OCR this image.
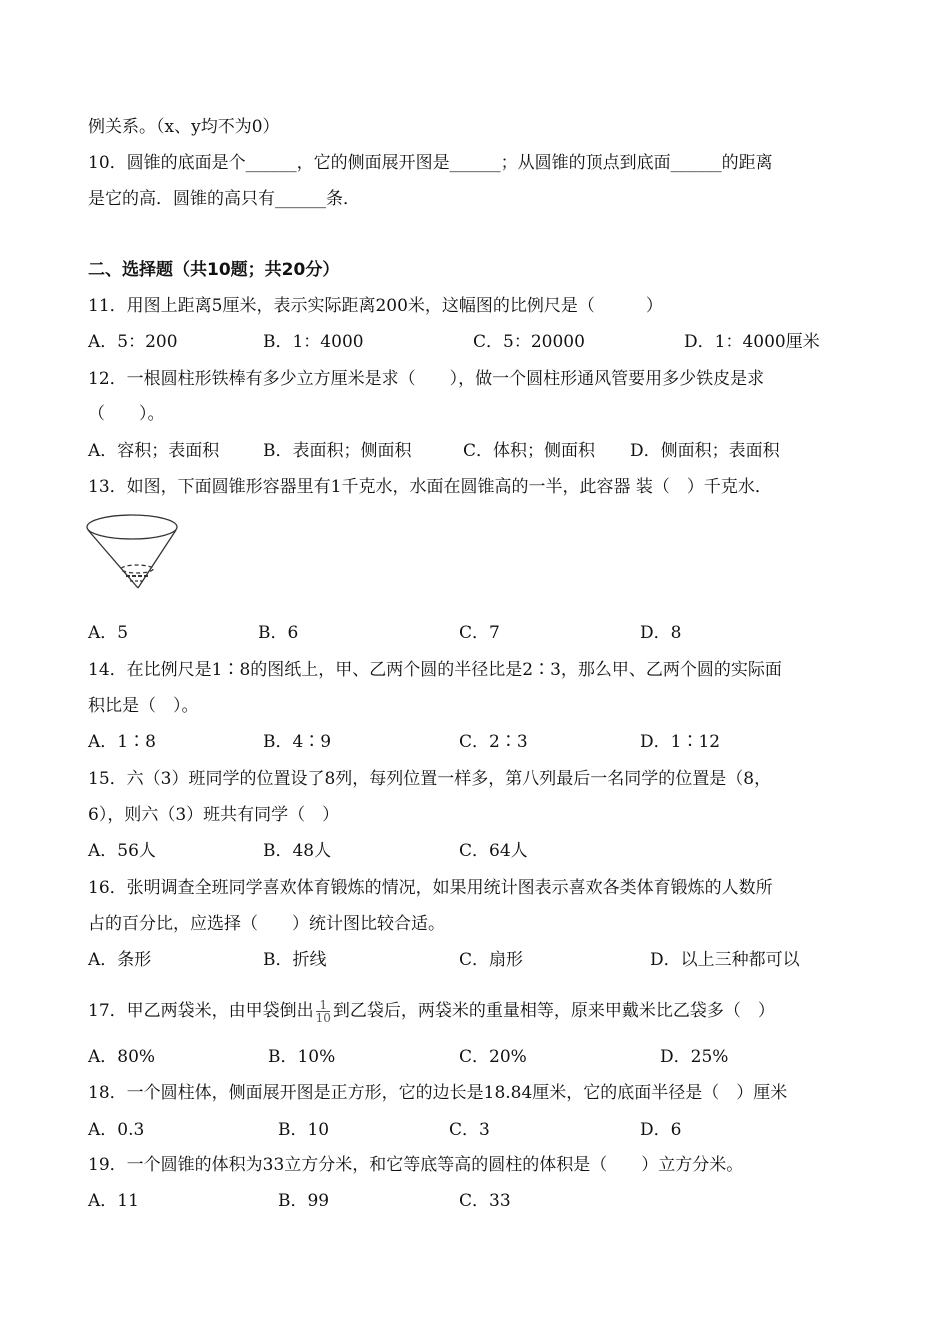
例关系。（x、y均不为0）
10．圆锥的底面是个______，它的侧面展开图是______；从圆锥的顶点到底面______的距离
是它的高．圆锥的高只有______条．
二、选择题（共10题；共20分）
11．用图上距离5厘米，表示实际距离200米，这幅图的比例尺是（　　　）
A．5：200	B．1：4000	C．5：20000	D．1：4000厘米
12．一根圆柱形铁棒有多少立方厘米是求（　　），做一个圆柱形通风管要用多少铁皮是求
（　　）。
A．容积；表面积	B．表面积；侧面积	C．体积；侧面积 D．侧面积；表面积
13．如图，下面圆锥形容器里有1千克水，水面在圆锥高的一半，此容器 装（　）千克水．
A．5	B．6	C．7	D．8
14．在比例尺是1∶8的图纸上，甲、乙两个圆的半径比是2∶3，那么甲、乙两个圆的实际面
积比是（　）。
A．1∶8	B．4∶9	C．2∶3	D．1∶12
15．六（3）班同学的位置设了8列，每列位置一样多，第八列最后一名同学的位置是（8，
6），则六（3）班共有同学（　）
A．56人	B．48人	C．64人
16．张明调查全班同学喜欢体育锻炼的情况，如果用统计图表示喜欢各类体育锻炼的人数所
占的百分比，应选择（　　）统计图比较合适。
A．条形	B．折线	C．扇形	D．以上三种都可以
17．甲乙两袋米，由甲袋倒出 $\frac{1}{10}$ 到乙袋后，两袋米的重量相等，原来甲戴米比乙袋多（　）
A．80%	B．10%	C．20%	D．25%
18．一个圆柱体，侧面展开图是正方形，它的边长是18.84厘米，它的底面半径是（　）厘米
A．0.3	B．10	C．3	D．6
19．一个圆锥的体积为33立方分米，和它等底等高的圆柱的体积是（　　）立方分米。
A．11	B．99	C．33
